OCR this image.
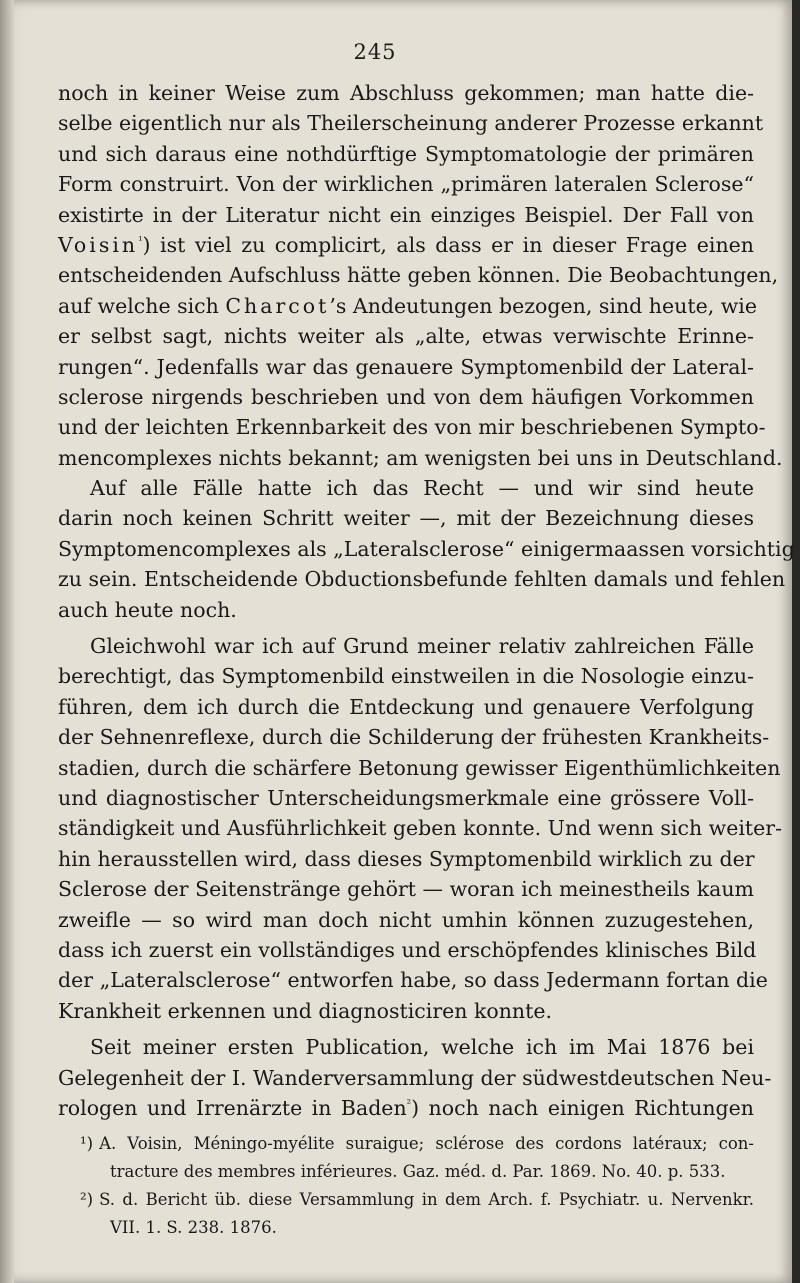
245
noch in keiner Weise zum Abschluss gekommen; man hatte die-
selbe eigentlich nur als Theilerscheinung anderer Prozesse erkannt
und sich daraus eine nothdürftige Symptomatologie der primären
Form construirt. Von der wirklichen „primären lateralen Sclerose“
existirte in der Literatur nicht ein einziges Beispiel. Der Fall von
Voisin$^{^1}$) ist viel zu complicirt, als dass er in dieser Frage einen
entscheidenden Aufschluss hätte geben können. Die Beobachtungen,
auf welche sich Charcot’s Andeutungen bezogen, sind heute, wie
er selbst sagt, nichts weiter als „alte, etwas verwischte Erinne-
rungen“. Jedenfalls war das genauere Symptomenbild der Lateral-
sclerose nirgends beschrieben und von dem häufigen Vorkommen
und der leichten Erkennbarkeit des von mir beschriebenen Sympto-
mencomplexes nichts bekannt; am wenigsten bei uns in Deutschland.
Auf alle Fälle hatte ich das Recht — und wir sind heute
darin noch keinen Schritt weiter —, mit der Bezeichnung dieses
Symptomencomplexes als „Lateralsclerose“ einigermaassen vorsichtig
zu sein. Entscheidende Obductionsbefunde fehlten damals und fehlen
auch heute noch.
Gleichwohl war ich auf Grund meiner relativ zahlreichen Fälle
berechtigt, das Symptomenbild einstweilen in die Nosologie einzu-
führen, dem ich durch die Entdeckung und genauere Verfolgung
der Sehnenreflexe, durch die Schilderung der frühesten Krankheits-
stadien, durch die schärfere Betonung gewisser Eigenthümlichkeiten
und diagnostischer Unterscheidungsmerkmale eine grössere Voll-
ständigkeit und Ausführlichkeit geben konnte. Und wenn sich weiter-
hin herausstellen wird, dass dieses Symptomenbild wirklich zu der
Sclerose der Seitenstränge gehört — woran ich meinestheils kaum
zweifle — so wird man doch nicht umhin können zuzugestehen,
dass ich zuerst ein vollständiges und erschöpfendes klinisches Bild
der „Lateralsclerose“ entworfen habe, so dass Jedermann fortan die
Krankheit erkennen und diagnosticiren konnte.
Seit meiner ersten Publication, welche ich im Mai 1876 bei
Gelegenheit der I. Wanderversammlung der südwestdeutschen Neu-
rologen und Irrenärzte in Baden$^{^2}$) noch nach einigen Richtungen
¹) A. Voisin, Méningo-myélite suraigue; sclérose des cordons latéraux; con-
tracture des membres inférieures. Gaz. méd. d. Par. 1869. No. 40. p. 533.
²) S. d. Bericht üb. diese Versammlung in dem Arch. f. Psychiatr. u. Nervenkr.
VII. 1. S. 238. 1876.
